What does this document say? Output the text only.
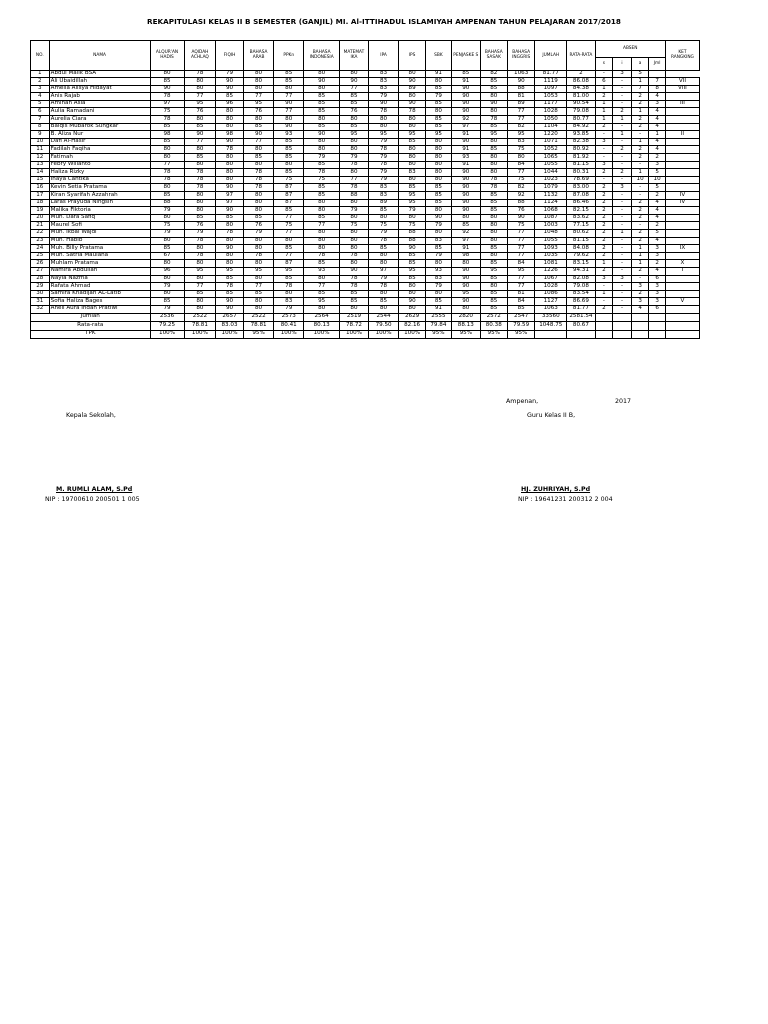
REKAPITULASI KELAS II B SEMESTER (GANJIL) MI. Al-ITTIHADUL ISLAMIYAH AMPENAN TAHUN PELAJARAN 2017/2018
NO.	NAMA	ALQUR'AN HADIS	AQIDAH ACHLAQ	FIQIH	BAHASA ARAB	PPKn	BAHASA INDONESIA	MATEMAT IKA	IPA	IPS	SBK	PENJASKE S	BAHASA SASAK	BAHASA INGGRIS	JUMLAH	RATA-RATA	ABSEN				KET RANGKING
																	s	i	a	Jml	
1	Abdul Malik BSA	80	78	79	80	85	80	80	83	80	91	85	82	1063	81.77	2	-	3	5		
2	Ali Ubaidillah	85	80	90	80	85	90	90	83	90	80	91	85	90	1119	86.08	6	-	1	7	VII
3	Amelia Alisya Hidayat	90	80	90	80	80	80	77	83	89	85	90	85	88	1097	84.38	1	-	7	8	VIII
4	Anis Rajab	78	77	85	77	77	85	85	79	80	79	90	80	81	1053	81.00	2	-	2	4	
5	Aminah Asla	97	95	96	95	90	85	85	90	90	85	90	90	89	1177	90.54	1	-	2	3	III
6	Aulia Ramadani	75	76	80	76	77	85	76	78	78	80	90	80	77	1028	79.08	1	2	1	4	
7	Aurelia Ciara	78	80	80	80	80	80	80	80	80	85	92	78	77	1050	80.77	1	1	2	4	
8	Balqis Mubarok Sungkar	85	85	80	85	90	85	85	80	80	85	97	85	82	1104	84.92	2	-	2	4	
9	B. Aliza Nur	98	90	98	90	93	90	95	95	95	95	91	95	95	1220	93.85	-	1	-	1	II
10	Dafi Al-Hasir	85	77	90	77	85	80	80	79	85	80	90	80	83	1071	82.38	3	-	1	4	
11	Fadilah Faqiha	80	80	78	80	85	80	80	78	80	80	91	85	75	1052	80.92	-	2	2	4	
12	Fatimah	80	85	80	85	85	79	79	79	80	80	93	80	80	1065	81.92	-	-	2	2	
13	Febry Wilianto	77	80	80	80	80	85	78	78	80	80	91	80	84	1055	81.15	3	-	-	3	
14	Haliza Rizky	78	78	80	78	85	78	80	79	83	80	90	80	77	1044	80.31	2	2	1	5	
15	Inaya Cantika	78	78	80	78	75	75	77	79	80	80	90	78	75	1023	78.69	-	-	10	10	
16	Kevin Setia Pratama	80	78	90	78	87	85	78	83	85	85	90	78	82	1079	83.00	2	3	-	5	
17	Kiran Syarifah Azzahrah	85	80	97	80	87	85	88	83	95	85	90	85	92	1132	87.08	2	-	-	2	IV
18	Laras Prayuda Ningsih	88	80	97	80	87	80	80	89	95	85	90	85	88	1124	86.46	2	-	2	4	IV
19	Malika Fiktoria	79	80	90	80	85	80	79	85	79	80	90	85	76	1068	82.15	2	-	2	4	
20	Muh. Dafa Safiq	80	85	85	85	77	85	80	80	80	90	80	80	90	1087	83.62	2	-	2	4	
21	Maurel Sofi	75	76	80	76	75	77	75	75	75	79	85	80	75	1003	77.15	2	-	-	2	
22	Muh. Ikbal Wajdi	79	79	78	79	77	80	80	79	88	80	92	80	77	1048	80.62	2	1	2	5	
23	Muh. Habib	80	78	80	80	80	80	80	78	88	83	97	80	77	1055	81.15	2	-	2	4	
24	Muh. Billy Pratama	85	80	90	80	85	80	80	85	90	85	91	85	77	1093	84.08	2	-	1	3	IX
25	Muh. Satria Maulana	67	78	80	78	77	78	78	80	85	79	98	80	77	1035	79.62	2	-	1	3	
26	Muhlam Pratama	80	80	80	80	87	85	80	80	85	80	80	85	84	1081	83.15	1	-	1	2	X
27	Namira Abdullah	96	95	95	95	95	93	90	97	95	93	90	95	95	1226	94.31	2	-	2	4	I
28	Nayla Nazma	80	80	85	80	85	80	78	79	85	83	90	85	77	1067	82.08	3	3	-	6	
29	Rafata Ahmad	79	77	78	77	78	77	78	78	80	79	90	80	77	1028	79.08	-	-	3	3	
30	Samira Khadijah AL-Latib	80	85	85	85	80	85	85	80	80	80	95	85	81	1086	83.54	1	-	2	3	
31	Sofia Haliza Bages	85	80	90	80	83	95	85	85	90	85	90	85	84	1127	86.69	-	-	3	3	V
32	Aneli Aura Indah Pratiwi	79	80	90	80	79	80	80	80	80	91	80	85	85	1063	81.77	2	-	4	6	
Jumlah		2536	2522	2657	2522	2573	2564	2519	2544	2629	2555	2820	2572	2547	33560	2581.54					
Rata-rata		79.25	78.81	83.03	78.81	80.41	80.13	78.72	79.50	82.16	79.84	88.13	80.38	79.59	1048.75	80.67					
TPK		100%	100%	100%	95%	100%	100%	100%	100%	100%	95%	95%	95%	95%							
Ampenan,	2017
Kepala Sekolah,	Guru Kelas II B,
M. RUMLI ALAM, S.Pd
NIP : 19700610 200501 1 005
HJ. ZUHRIYAH, S.Pd
NIP : 19641231 200312 2 004
